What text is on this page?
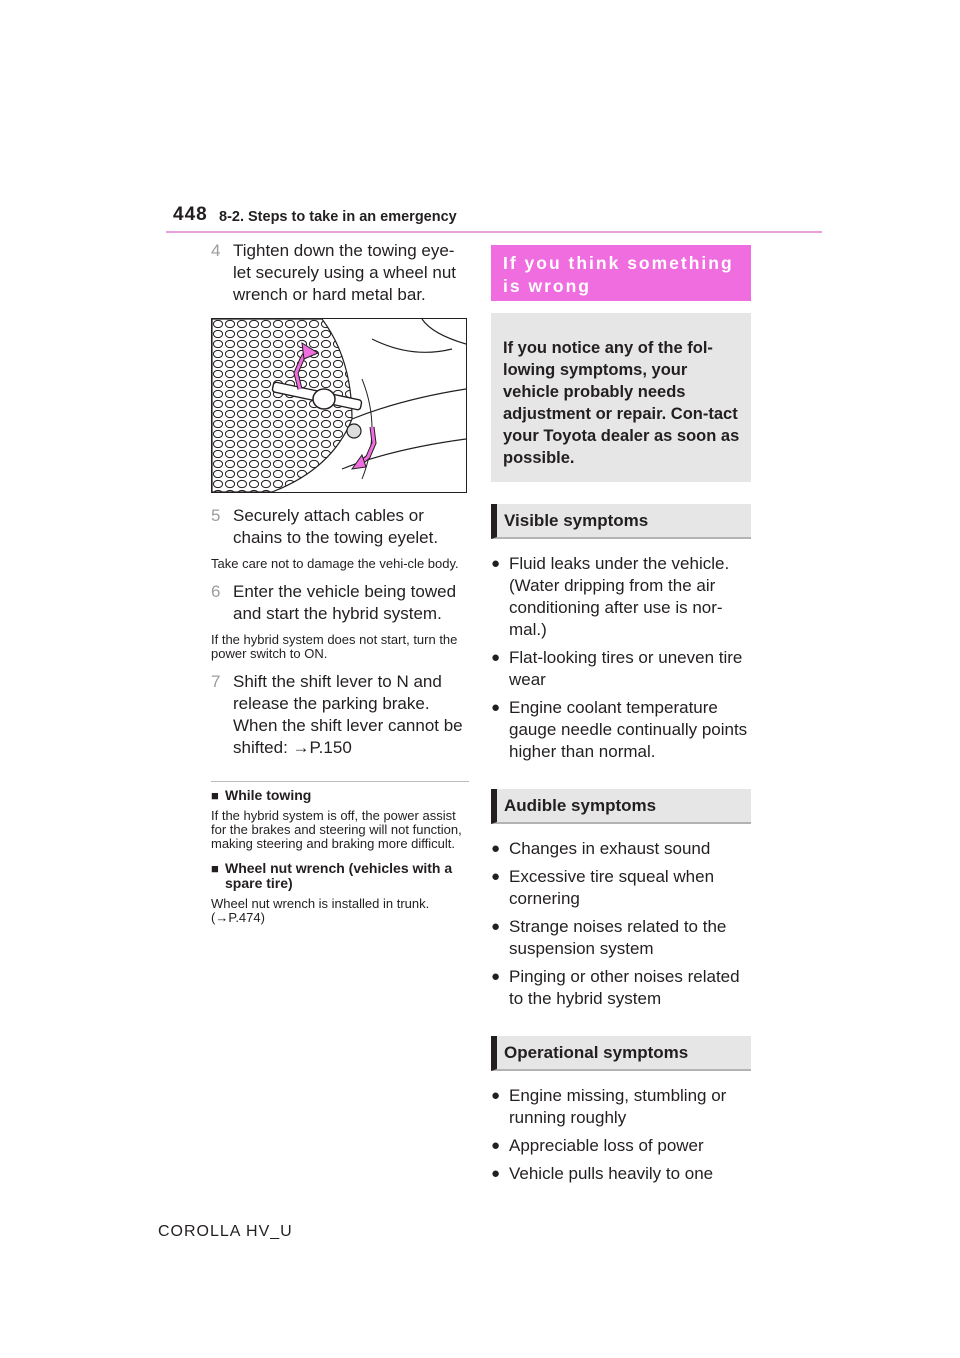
448 8-2. Steps to take in an emergency
4 Tighten down the towing eye-let securely using a wheel nut wrench or hard metal bar.
5 Securely attach cables or chains to the towing eyelet.

Take care not to damage the vehi-cle body.

6 Enter the vehicle being towed and start the hybrid system.

If the hybrid system does not start, turn the power switch to ON.

7 Shift the shift lever to N and release the parking brake.
When the shift lever cannot be shifted: →P.150
■ While towing

If the hybrid system is off, the power assist for the brakes and steering will not function, making steering and braking more difficult.

■ Wheel nut wrench (vehicles with a spare tire)

Wheel nut wrench is installed in trunk. (→P.474)

If you think something is wrong
If you notice any of the fol-lowing symptoms, your vehicle probably needs adjustment or repair. Con-tact your Toyota dealer as soon as possible.
Visible symptoms
● Fluid leaks under the vehicle. (Water dripping from the air conditioning after use is nor-mal.)
● Flat-looking tires or uneven tire wear
● Engine coolant temperature gauge needle continually points higher than normal.
Audible symptoms
● Changes in exhaust sound
● Excessive tire squeal when cornering
● Strange noises related to the suspension system
● Pinging or other noises related to the hybrid system
Operational symptoms
● Engine missing, stumbling or running roughly
● Appreciable loss of power
● Vehicle pulls heavily to one
COROLLA HV_U
